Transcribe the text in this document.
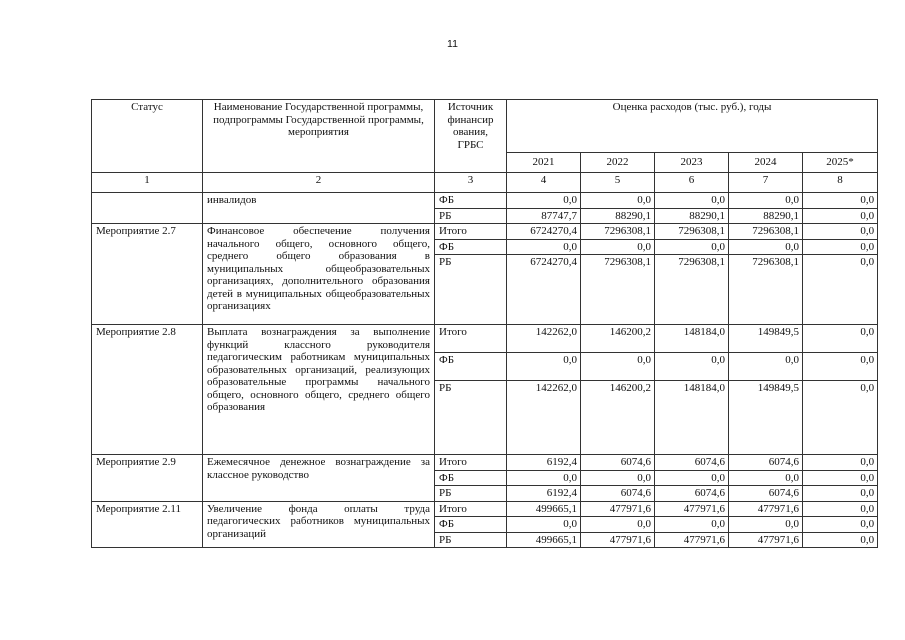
11
Статус	Наименование Государственной программы, подпрограммы Государственной программы, мероприятия	Источник финансир ования, ГРБС	Оценка расходов (тыс. руб.), годы				
			2021	2022	2023	2024	2025*
1	2	3	4	5	6	7	8
	инвалидов	ФБ	0,0	0,0	0,0	0,0	0,0
		РБ	87747,7	88290,1	88290,1	88290,1	0,0
Мероприятие 2.7	Финансовое обеспечение получения начального общего, основного общего, среднего общего образования в муниципальных общеобразовательных организациях, дополнительного образования детей в муниципальных общеобразовательных организациях	Итого	6724270,4	7296308,1	7296308,1	7296308,1	0,0
		ФБ	0,0	0,0	0,0	0,0	0,0
		РБ	6724270,4	7296308,1	7296308,1	7296308,1	0,0
Мероприятие 2.8	Выплата вознаграждения за выполнение функций классного руководителя педагогическим работникам муниципальных образовательных организаций, реализующих образовательные программы начального общего, основного общего, среднего общего образования	Итого	142262,0	146200,2	148184,0	149849,5	0,0
		ФБ	0,0	0,0	0,0	0,0	0,0
		РБ	142262,0	146200,2	148184,0	149849,5	0,0
Мероприятие 2.9	Ежемесячное денежное вознаграждение за классное руководство	Итого	6192,4	6074,6	6074,6	6074,6	0,0
		ФБ	0,0	0,0	0,0	0,0	0,0
		РБ	6192,4	6074,6	6074,6	6074,6	0,0
Мероприятие 2.11	Увеличение фонда оплаты труда педагогических работников муниципальных организаций	Итого	499665,1	477971,6	477971,6	477971,6	0,0
		ФБ	0,0	0,0	0,0	0,0	0,0
		РБ	499665,1	477971,6	477971,6	477971,6	0,0
